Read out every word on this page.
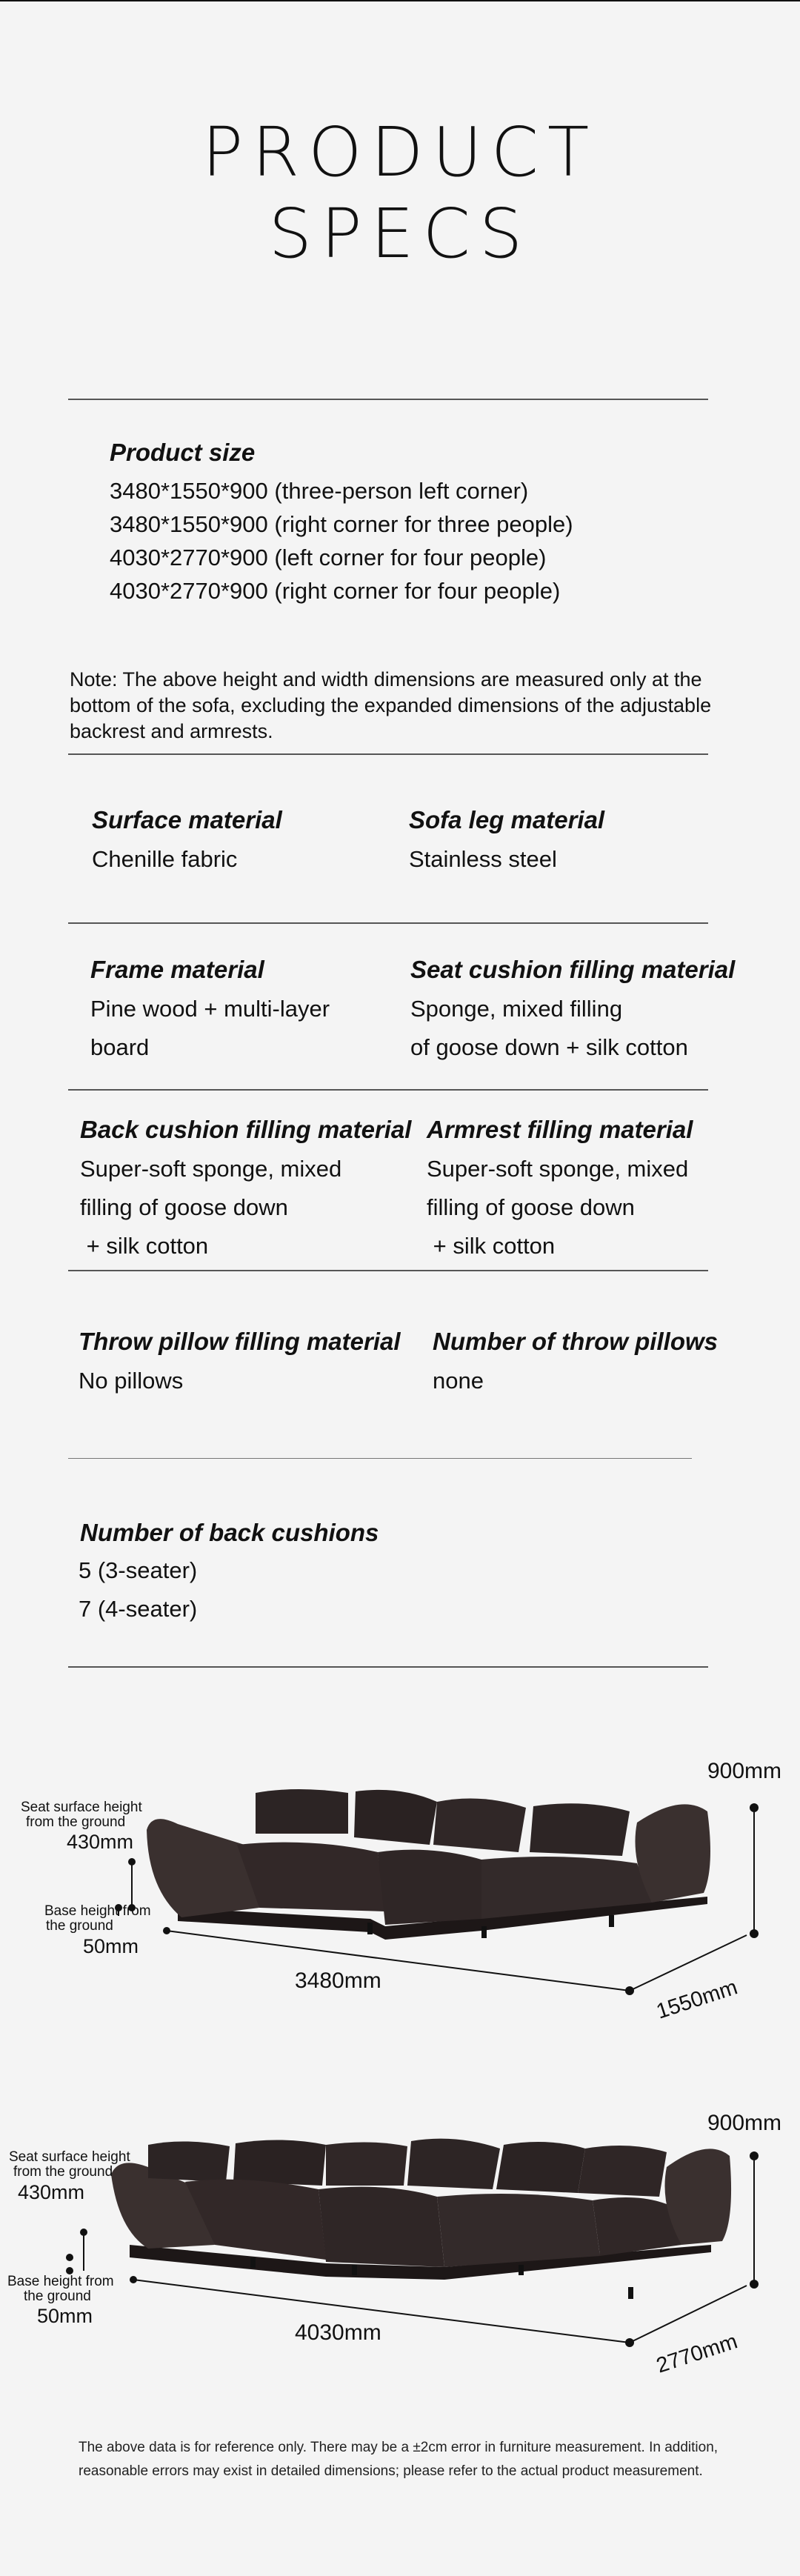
PRODUCT
SPECS
Product size
3480*1550*900 (three-person left corner)
3480*1550*900 (right corner for three people)
4030*2770*900 (left corner for four people)
4030*2770*900 (right corner for four people)
Note: The above height and width dimensions are measured only at the bottom of the sofa, excluding the expanded dimensions of the adjustable backrest and armrests.
Surface material
Chenille fabric
Sofa leg material
Stainless steel
Frame material
Pine wood + multi-layer
board
Seat cushion filling material
Sponge, mixed filling
of goose down + silk cotton
Back cushion filling material
Super-soft sponge, mixed
filling of goose down
+ silk cotton
Armrest filling material
Super-soft sponge, mixed
filling of goose down
+ silk cotton
Throw pillow filling material
No pillows
Number of throw pillows
none
Number of back cushions
5 (3-seater)
7 (4-seater)
900mm
1550mm
3480mm
Seat surface height
from the ground
430mm
Base height from
the ground
50mm
900mm
2770mm
4030mm
Seat surface height
from the ground
430mm
Base height from
the ground
50mm
The above data is for reference only. There may be a ±2cm error in furniture measurement. In addition,
reasonable errors may exist in detailed dimensions; please refer to the actual product measurement.
